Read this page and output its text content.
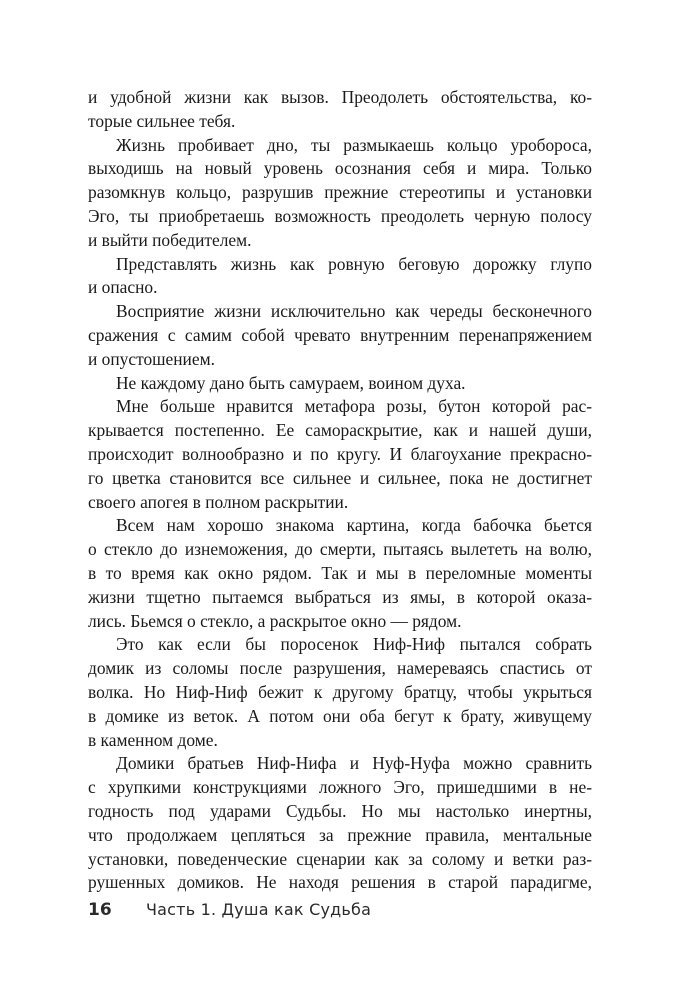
и удобной жизни как вызов. Преодолеть обстоятельства, ко-
торые сильнее тебя.
Жизнь пробивает дно, ты размыкаешь кольцо уробороса,
выходишь на новый уровень осознания себя и мира. Только
разомкнув кольцо, разрушив прежние стереотипы и установки
Эго, ты приобретаешь возможность преодолеть черную полосу
и выйти победителем.
Представлять жизнь как ровную беговую дорожку глупо
и опасно.
Восприятие жизни исключительно как череды бесконечного
сражения с самим собой чревато внутренним перенапряжением
и опустошением.
Не каждому дано быть самураем, воином духа.
Мне больше нравится метафора розы, бутон которой рас-
крывается постепенно. Ее самораскрытие, как и нашей души,
происходит волнообразно и по кругу. И благоухание прекрасно-
го цветка становится все сильнее и сильнее, пока не достигнет
своего апогея в полном раскрытии.
Всем нам хорошо знакома картина, когда бабочка бьется
о стекло до изнеможения, до смерти, пытаясь вылететь на волю,
в то время как окно рядом. Так и мы в переломные моменты
жизни тщетно пытаемся выбраться из ямы, в которой оказа-
лись. Бьемся о стекло, а раскрытое окно — рядом.
Это как если бы поросенок Ниф-Ниф пытался собрать
домик из соломы после разрушения, намереваясь спастись от
волка. Но Ниф-Ниф бежит к другому братцу, чтобы укрыться
в домике из веток. А потом они оба бегут к брату, живущему
в каменном доме.
Домики братьев Ниф-Нифа и Нуф-Нуфа можно сравнить
с хрупкими конструкциями ложного Эго, пришедшими в не-
годность под ударами Судьбы. Но мы настолько инертны,
что продолжаем цепляться за прежние правила, ментальные
установки, поведенческие сценарии как за солому и ветки раз-
рушенных домиков. Не находя решения в старой парадигме,
16	Часть 1. Душа как Судьба
